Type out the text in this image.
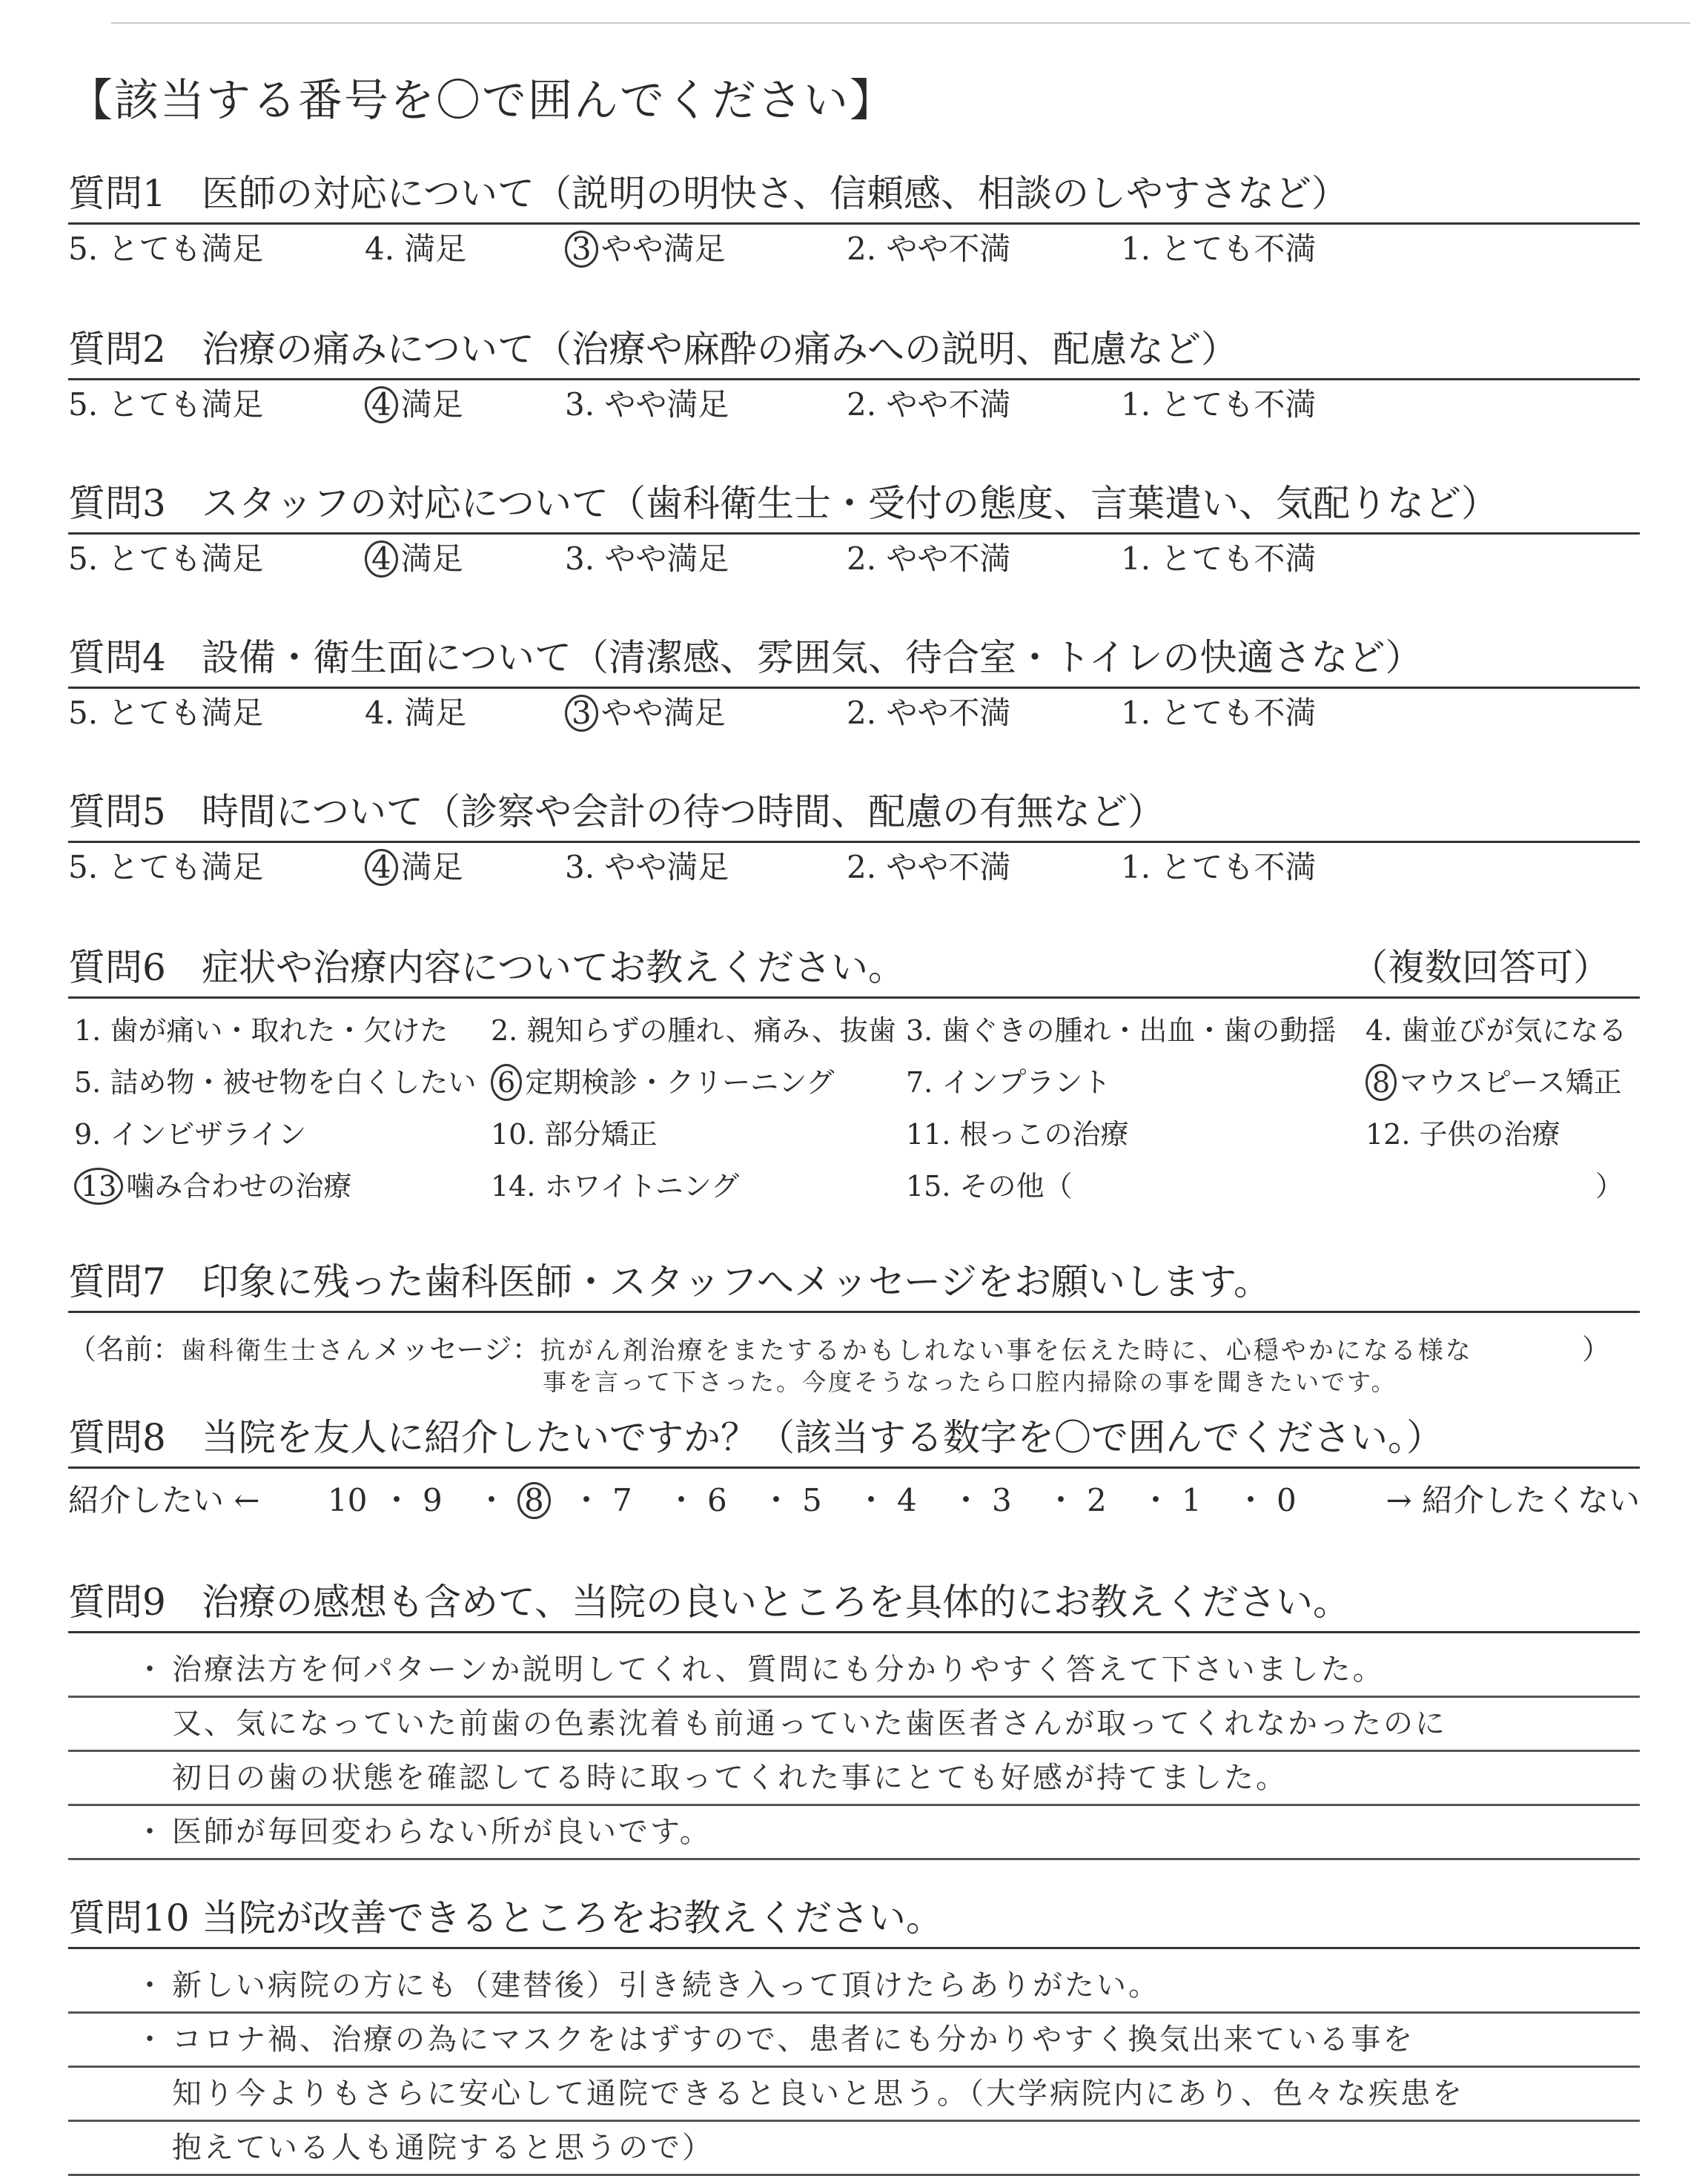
【該当する番号を〇で囲んでください】
質問1 医師の対応について（説明の明快さ、信頼感、相談のしやすさなど）
5. とても満足	4. 満足	3 やや満足	2. やや不満	1. とても不満
質問2 治療の痛みについて（治療や麻酔の痛みへの説明、配慮など）
5. とても満足	4 満足	3. やや満足	2. やや不満	1. とても不満
質問3 スタッフの対応について（歯科衛生士・受付の態度、言葉遣い、気配りなど）
5. とても満足	4 満足	3. やや満足	2. やや不満	1. とても不満
質問4 設備・衛生面について（清潔感、雰囲気、待合室・トイレの快適さなど）
5. とても満足	4. 満足	3 やや満足	2. やや不満	1. とても不満
質問5 時間について（診察や会計の待つ時間、配慮の有無など）
5. とても満足	4 満足	3. やや満足	2. やや不満	1. とても不満
質問6 症状や治療内容についてお教えください。	（複数回答可）
1. 歯が痛い・取れた・欠けた 2. 親知らずの腫れ、痛み、抜歯 3. 歯ぐきの腫れ・出血・歯の動揺 4. 歯並びが気になる
5. 詰め物・被せ物を白くしたい 6 定期検診・クリーニング	7. インプラント	8 マウスピース矯正
9. インビザライン	10. 部分矯正	11. 根っこの治療	12. 子供の治療
13 噛み合わせの治療	14. ホワイトニング	15. その他（	）
質問7 印象に残った歯科医師・スタッフへメッセージをお願いします。
（名前：歯科衛生士さんメッセージ：抗がん剤治療をまたするかもしれない事を伝えた時に、心穏やかになる様な
事を言って下さった。今度そうなったら口腔内掃除の事を聞きたいです。
）
質問8 当院を友人に紹介したいですか？（該当する数字を〇で囲んでください。）
紹介したい ←	→ 紹介したくない
10 ・ 9 ・ 8 ・ 7 ・ 6 ・ 5 ・ 4 ・ 3 ・ 2 ・ 1 ・ 0
質問9 治療の感想も含めて、当院の良いところを具体的にお教えください。
・ 治療法方を何パターンか説明してくれ、質問にも分かりやすく答えて下さいました。
又、気になっていた前歯の色素沈着も前通っていた歯医者さんが取ってくれなかったのに
初日の歯の状態を確認してる時に取ってくれた事にとても好感が持てました。
・ 医師が毎回変わらない所が良いです。
質問10 当院が改善できるところをお教えください。
・ 新しい病院の方にも（建替後）引き続き入って頂けたらありがたい。
・ コロナ禍、治療の為にマスクをはずすので、患者にも分かりやすく換気出来ている事を
知り今よりもさらに安心して通院できると良いと思う。（大学病院内にあり、色々な疾患を
抱えている人も通院すると思うので）
